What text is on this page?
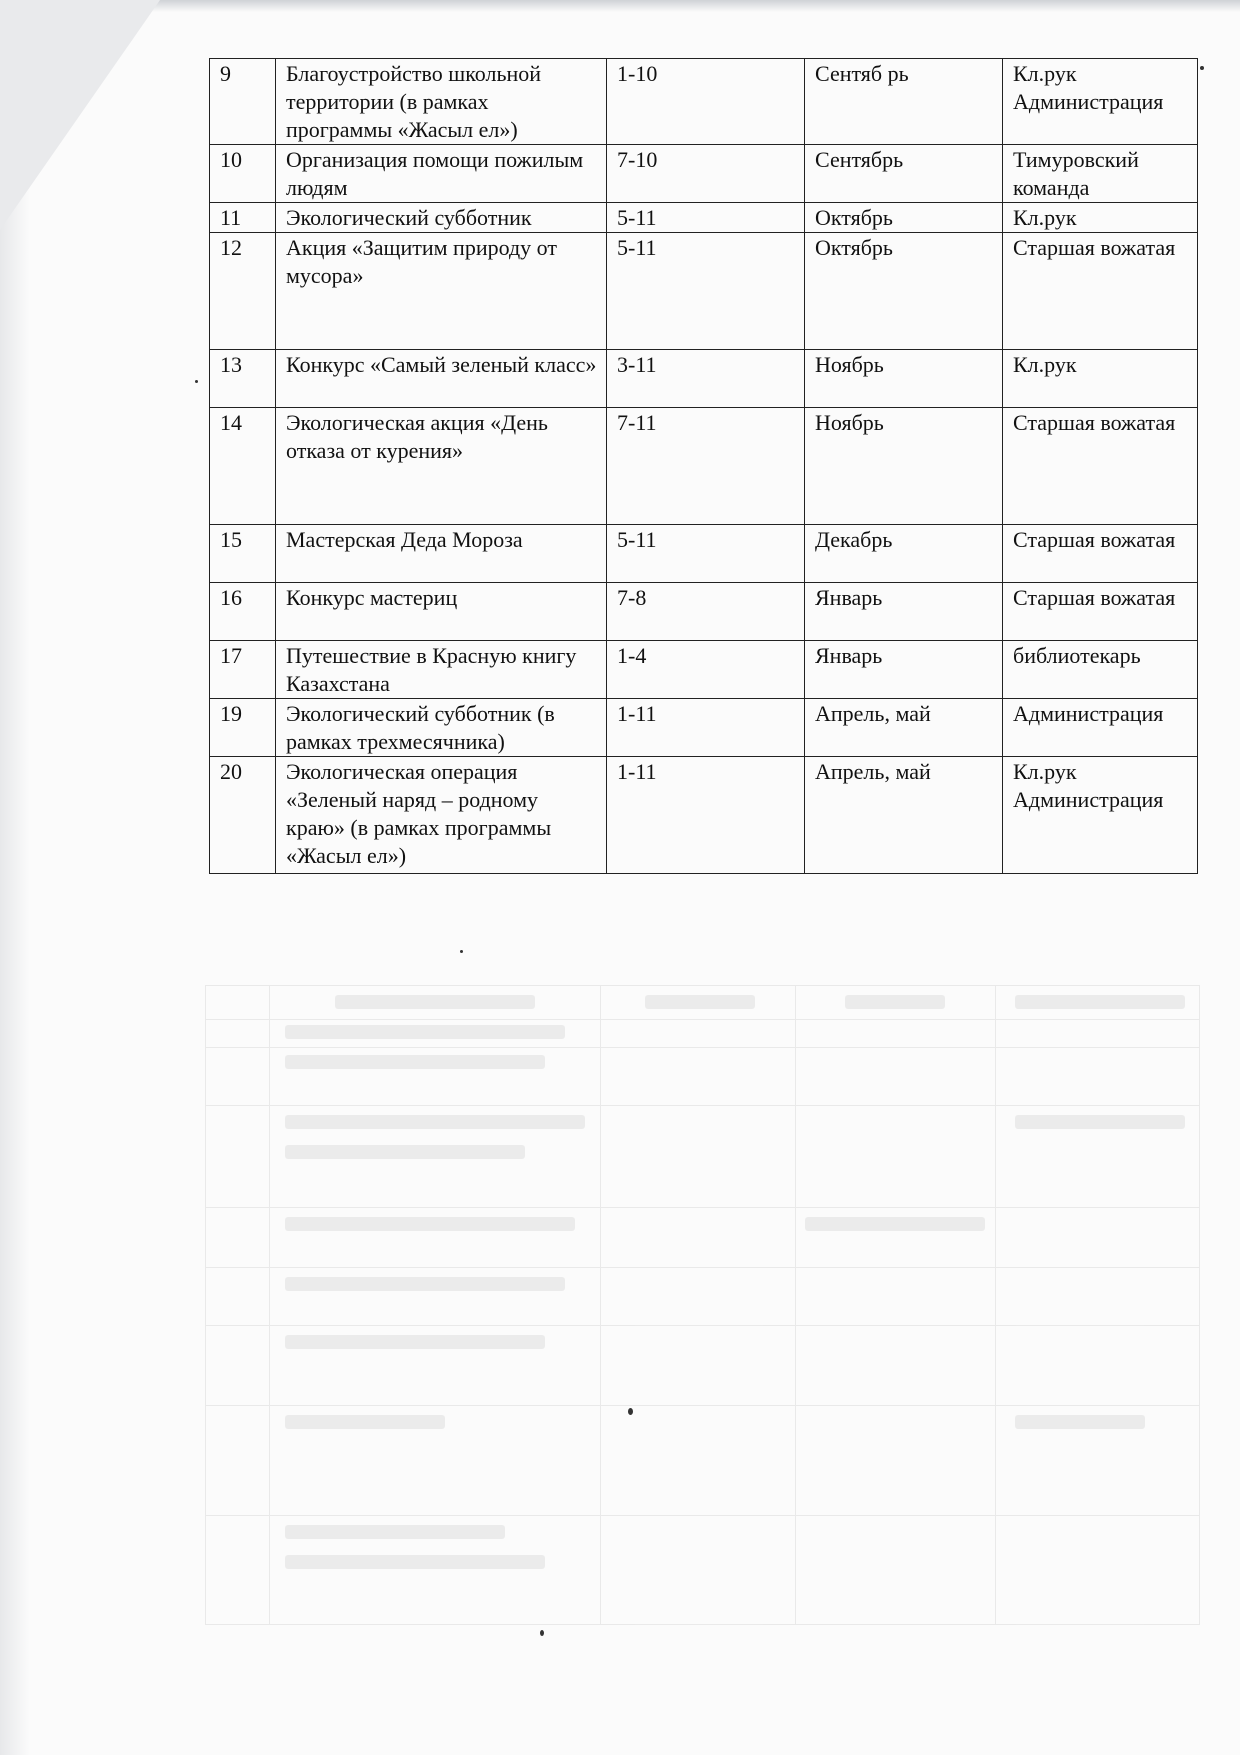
9	Благоустройство школьной территории (в рамках программы «Жасыл ел»)	1-10	Сентяб рь	Кл.рук Администрация
10	Организация помощи пожилым людям	7-10	Сентябрь	Тимуровский команда
11	Экологический субботник	5-11	Октябрь	Кл.рук
12	Акция «Защитим природу от мусора»	5-11	Октябрь	Старшая вожатая
13	Конкурс «Самый зеленый класс»	3-11	Ноябрь	Кл.рук
14	Экологическая акция «День отказа от курения»	7-11	Ноябрь	Старшая вожатая
15	Мастерская Деда Мороза	5-11	Декабрь	Старшая вожатая
16	Конкурс мастериц	7-8	Январь	Старшая вожатая
17	Путешествие в Красную книгу Казахстана	1-4	Январь	библиотекарь
19	Экологический субботник (в рамках трехмесячника)	1-11	Апрель, май	Администрация
20	Экологическая операция «Зеленый наряд – родному краю» (в рамках программы «Жасыл ел»)	1-11	Апрель, май	Кл.рук Администрация
